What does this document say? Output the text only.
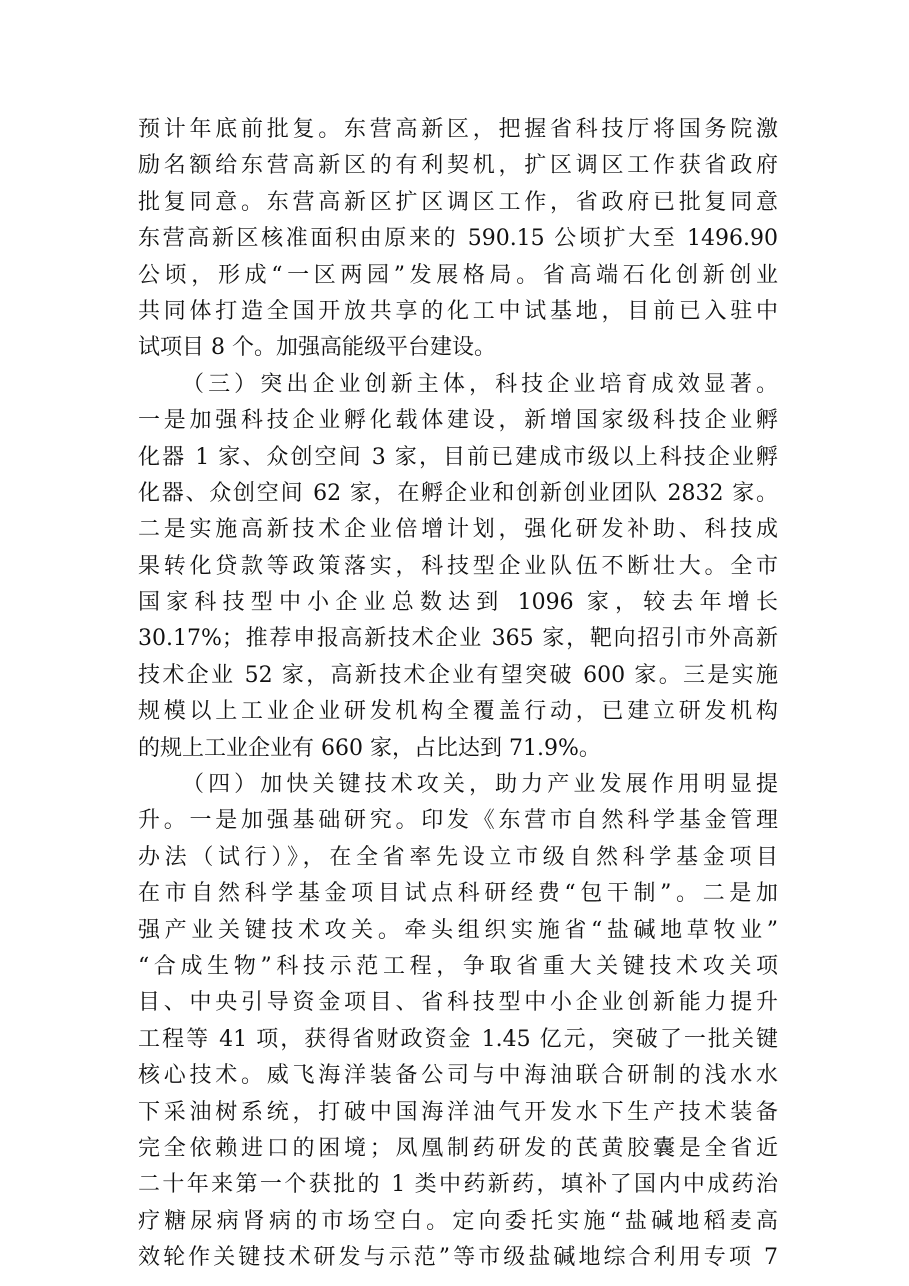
预计年底前批复。东营高新区，把握省科技厅将国务院激
励名额给东营高新区的有利契机，扩区调区工作获省政府
批复同意。东营高新区扩区调区工作，省政府已批复同意
东营高新区核准面积由原来的 590.15 公顷扩大至 1496.90
公顷，形成“一区两园”发展格局。省高端石化创新创业
共同体打造全国开放共享的化工中试基地，目前已入驻中
试项目 8 个。加强高能级平台建设。
（三）突出企业创新主体，科技企业培育成效显著。
一是加强科技企业孵化载体建设，新增国家级科技企业孵
化器 1 家、众创空间 3 家，目前已建成市级以上科技企业孵
化器、众创空间 62 家，在孵企业和创新创业团队 2832 家。
二是实施高新技术企业倍增计划，强化研发补助、科技成
果转化贷款等政策落实，科技型企业队伍不断壮大。全市
国家科技型中小企业总数达到 1096 家，较去年增长
30.17%；推荐申报高新技术企业 365 家，靶向招引市外高新
技术企业 52 家，高新技术企业有望突破 600 家。三是实施
规模以上工业企业研发机构全覆盖行动，已建立研发机构
的规上工业企业有 660 家，占比达到 71.9%。
（四）加快关键技术攻关，助力产业发展作用明显提
升。一是加强基础研究。印发《东营市自然科学基金管理
办法（试行）》，在全省率先设立市级自然科学基金项目
在市自然科学基金项目试点科研经费“包干制”。二是加
强产业关键技术攻关。牵头组织实施省“盐碱地草牧业”
“合成生物”科技示范工程，争取省重大关键技术攻关项
目、中央引导资金项目、省科技型中小企业创新能力提升
工程等 41 项，获得省财政资金 1.45 亿元，突破了一批关键
核心技术。威飞海洋装备公司与中海油联合研制的浅水水
下采油树系统，打破中国海洋油气开发水下生产技术装备
完全依赖进口的困境；凤凰制药研发的芪黄胶囊是全省近
二十年来第一个获批的 1 类中药新药，填补了国内中成药治
疗糖尿病肾病的市场空白。定向委托实施“盐碱地稻麦高
效轮作关键技术研发与示范”等市级盐碱地综合利用专项 7
